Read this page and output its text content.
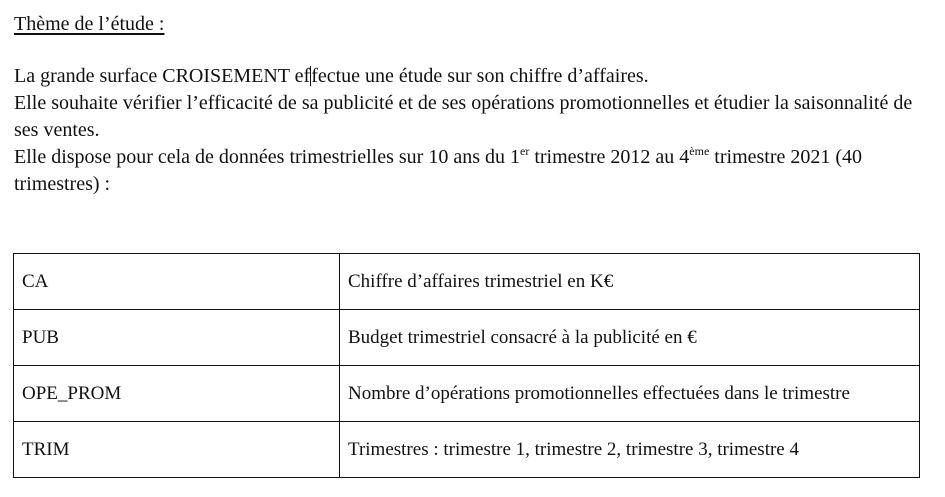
Thème de l’étude :

La grande surface CROISEMENT effectue une étude sur son chiffre d’affaires.

Elle souhaite vérifier l’efficacité de sa publicité et de ses opérations promotionnelles et étudier la saisonnalité de ses ventes.

Elle dispose pour cela de données trimestrielles sur 10 ans du 1er trimestre 2012 au 4ème trimestre 2021 (40 trimestres) :

CA	Chiffre d’affaires trimestriel en K€
PUB	Budget trimestriel consacré à la publicité en €
OPE_PROM	Nombre d’opérations promotionnelles effectuées dans le trimestre
TRIM	Trimestres : trimestre 1, trimestre 2, trimestre 3, trimestre 4
